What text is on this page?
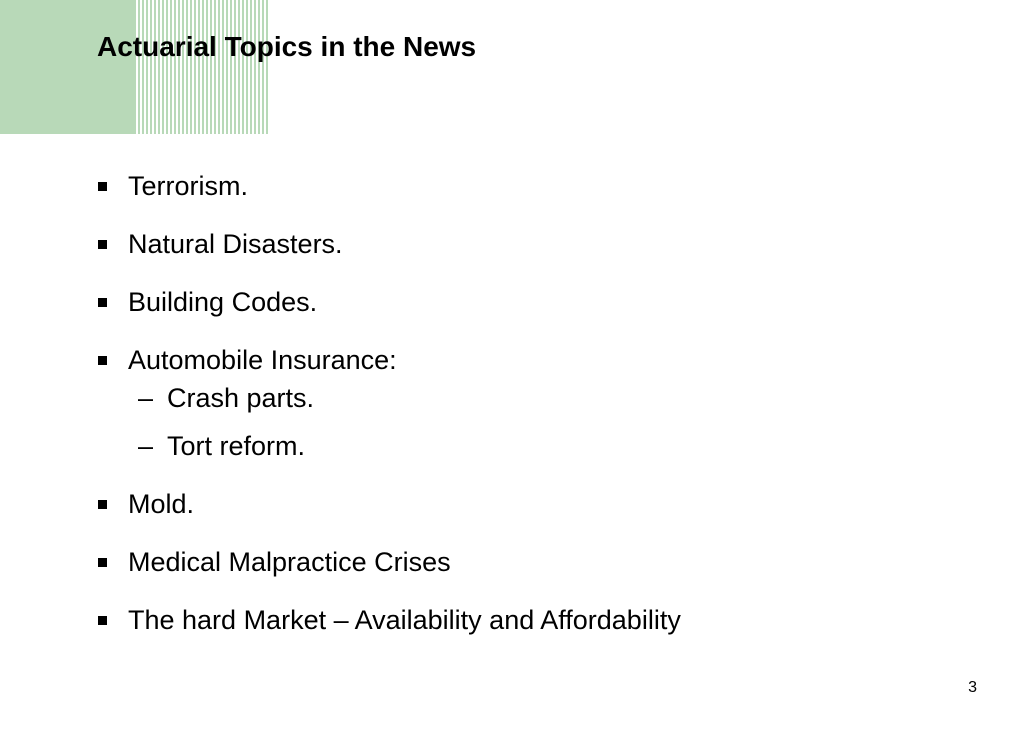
Actuarial Topics in the News
Terrorism.
Natural Disasters.
Building Codes.
Automobile Insurance:
– Crash parts.
– Tort reform.
Mold.
Medical Malpractice Crises
The hard Market – Availability and Affordability
3
